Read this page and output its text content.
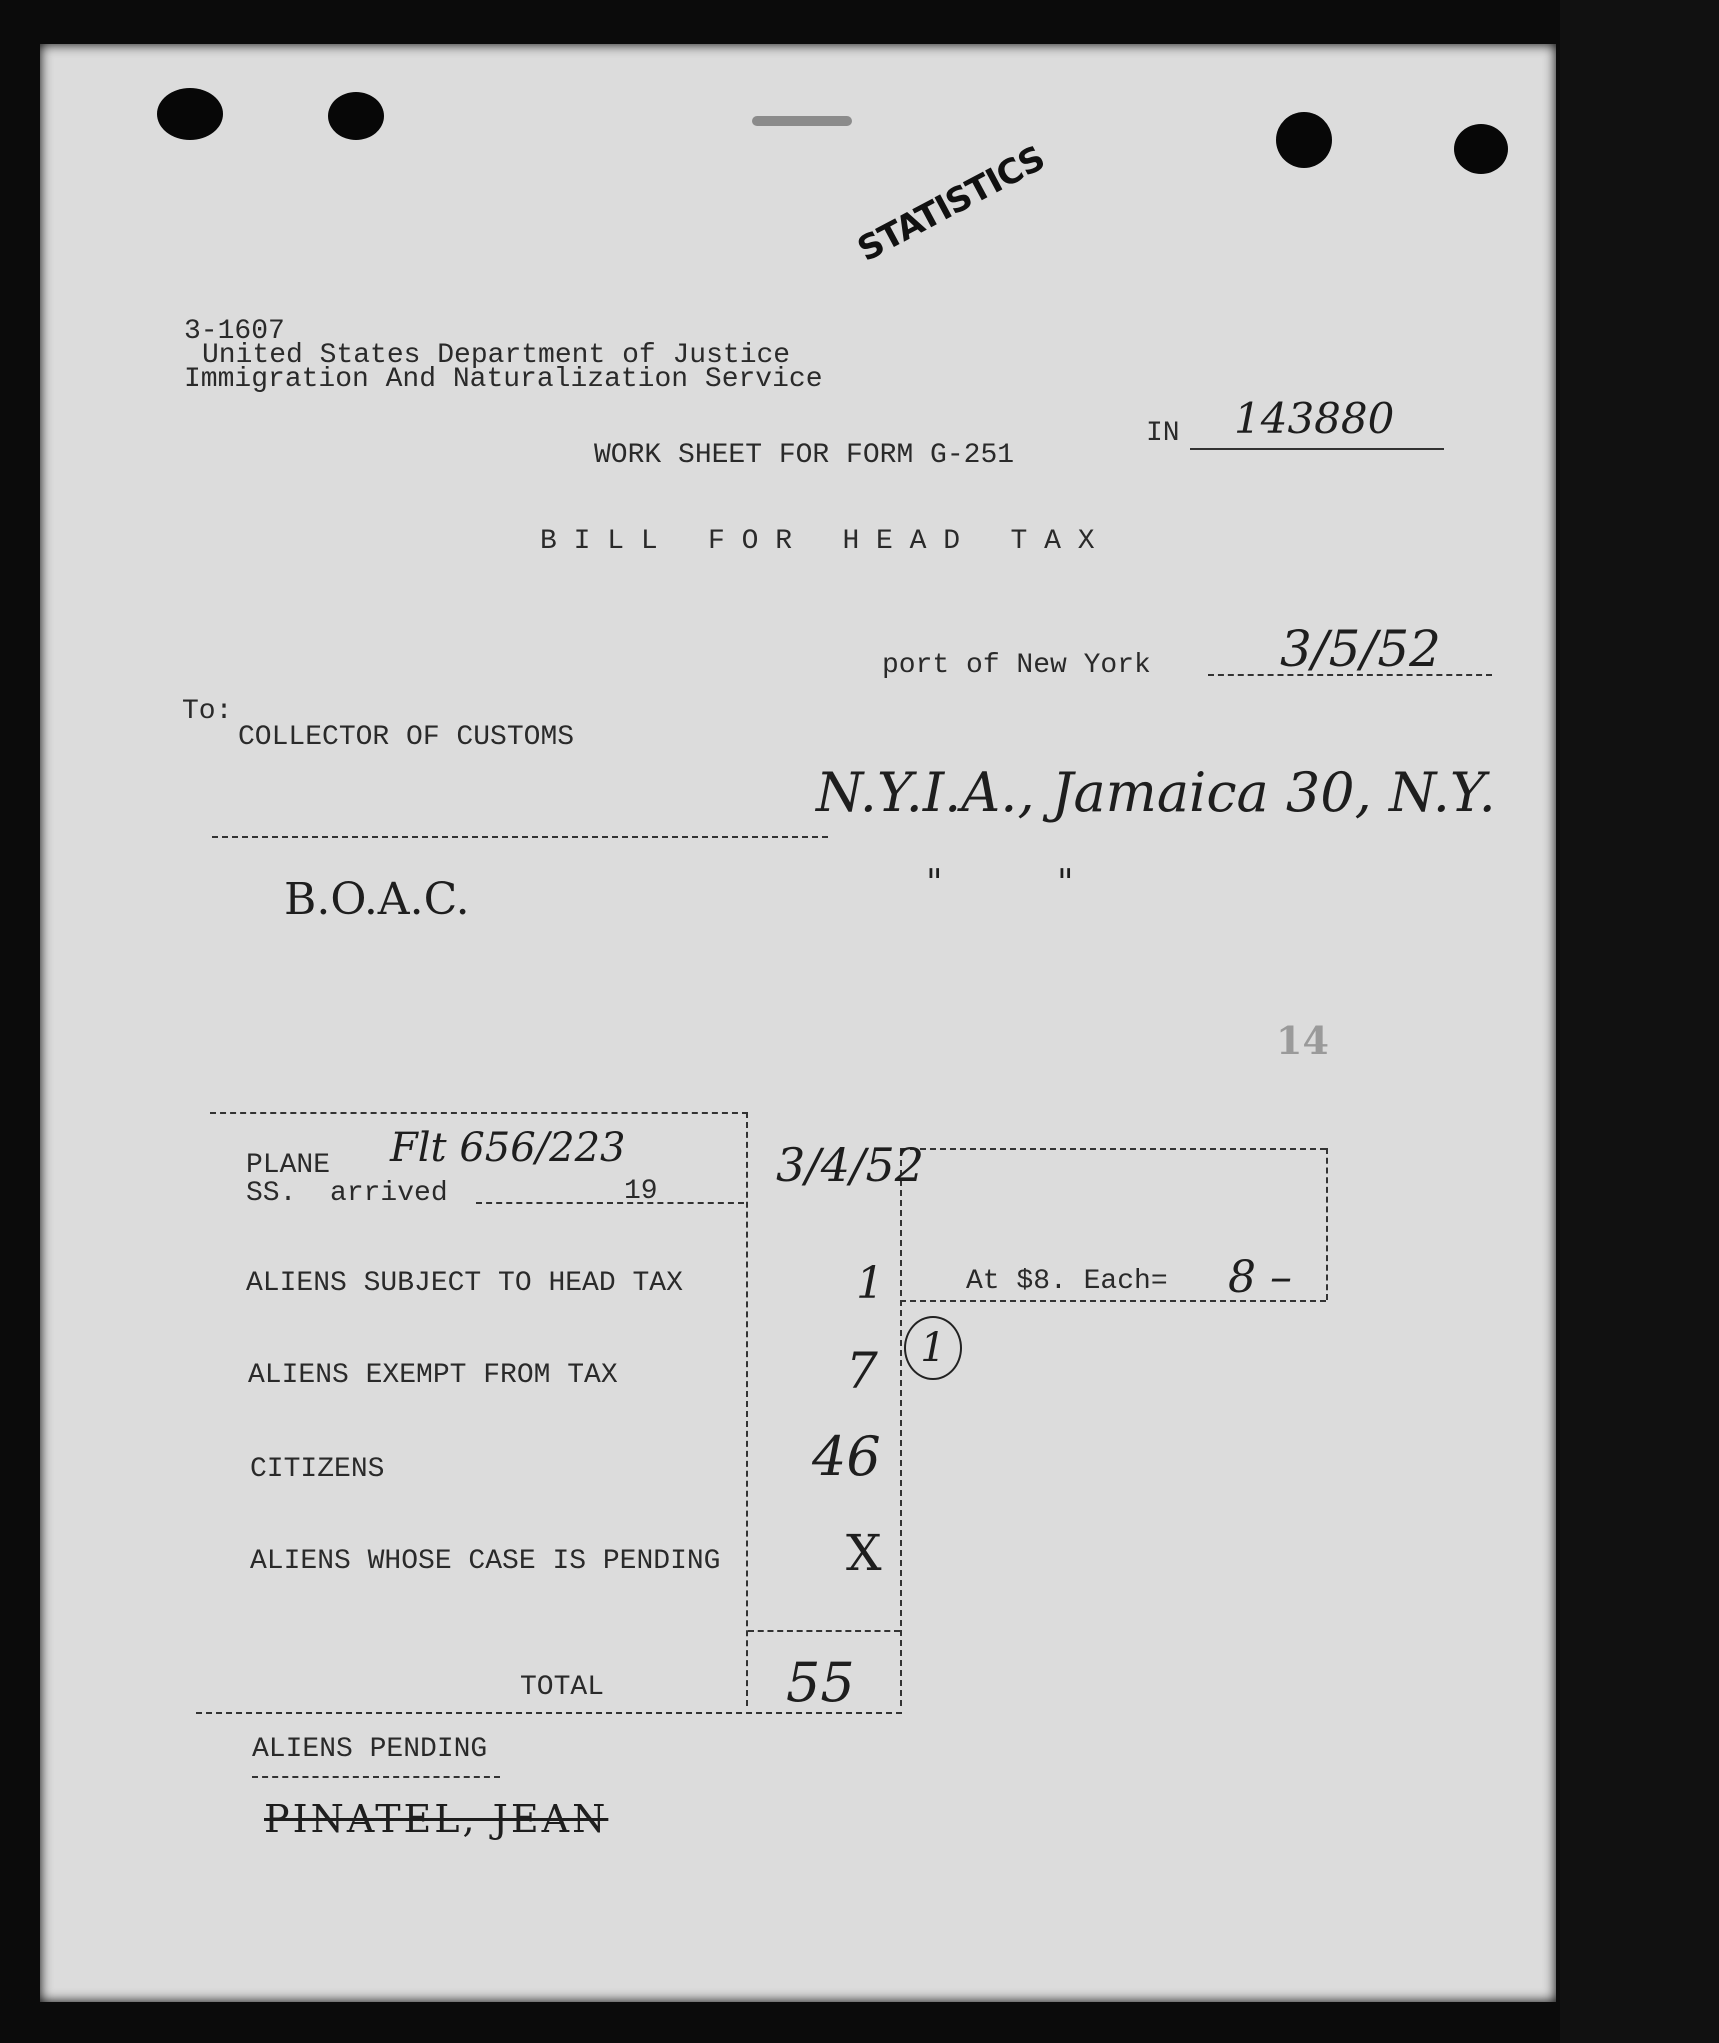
STATISTICS
3-1607
United States Department of Justice
Immigration And Naturalization Service
IN 143880
WORK SHEET FOR FORM G-251
B I L L   F O R   H E A D   T A X
port of New York	3/5/52
To:
COLLECTOR OF CUSTOMS
N.Y.I.A., Jamaica 30, N.Y.
"          "
B.O.A.C.
14
PLANE Flt 656/223
SS.  arrived	19	3/4/52
ALIENS SUBJECT TO HEAD TAX	1
ALIENS EXEMPT FROM TAX	7
CITIZENS	46
ALIENS WHOSE CASE IS PENDING	X
TOTAL	55
At $8. Each= 8 –
1
ALIENS PENDING
PINATEL, JEAN
